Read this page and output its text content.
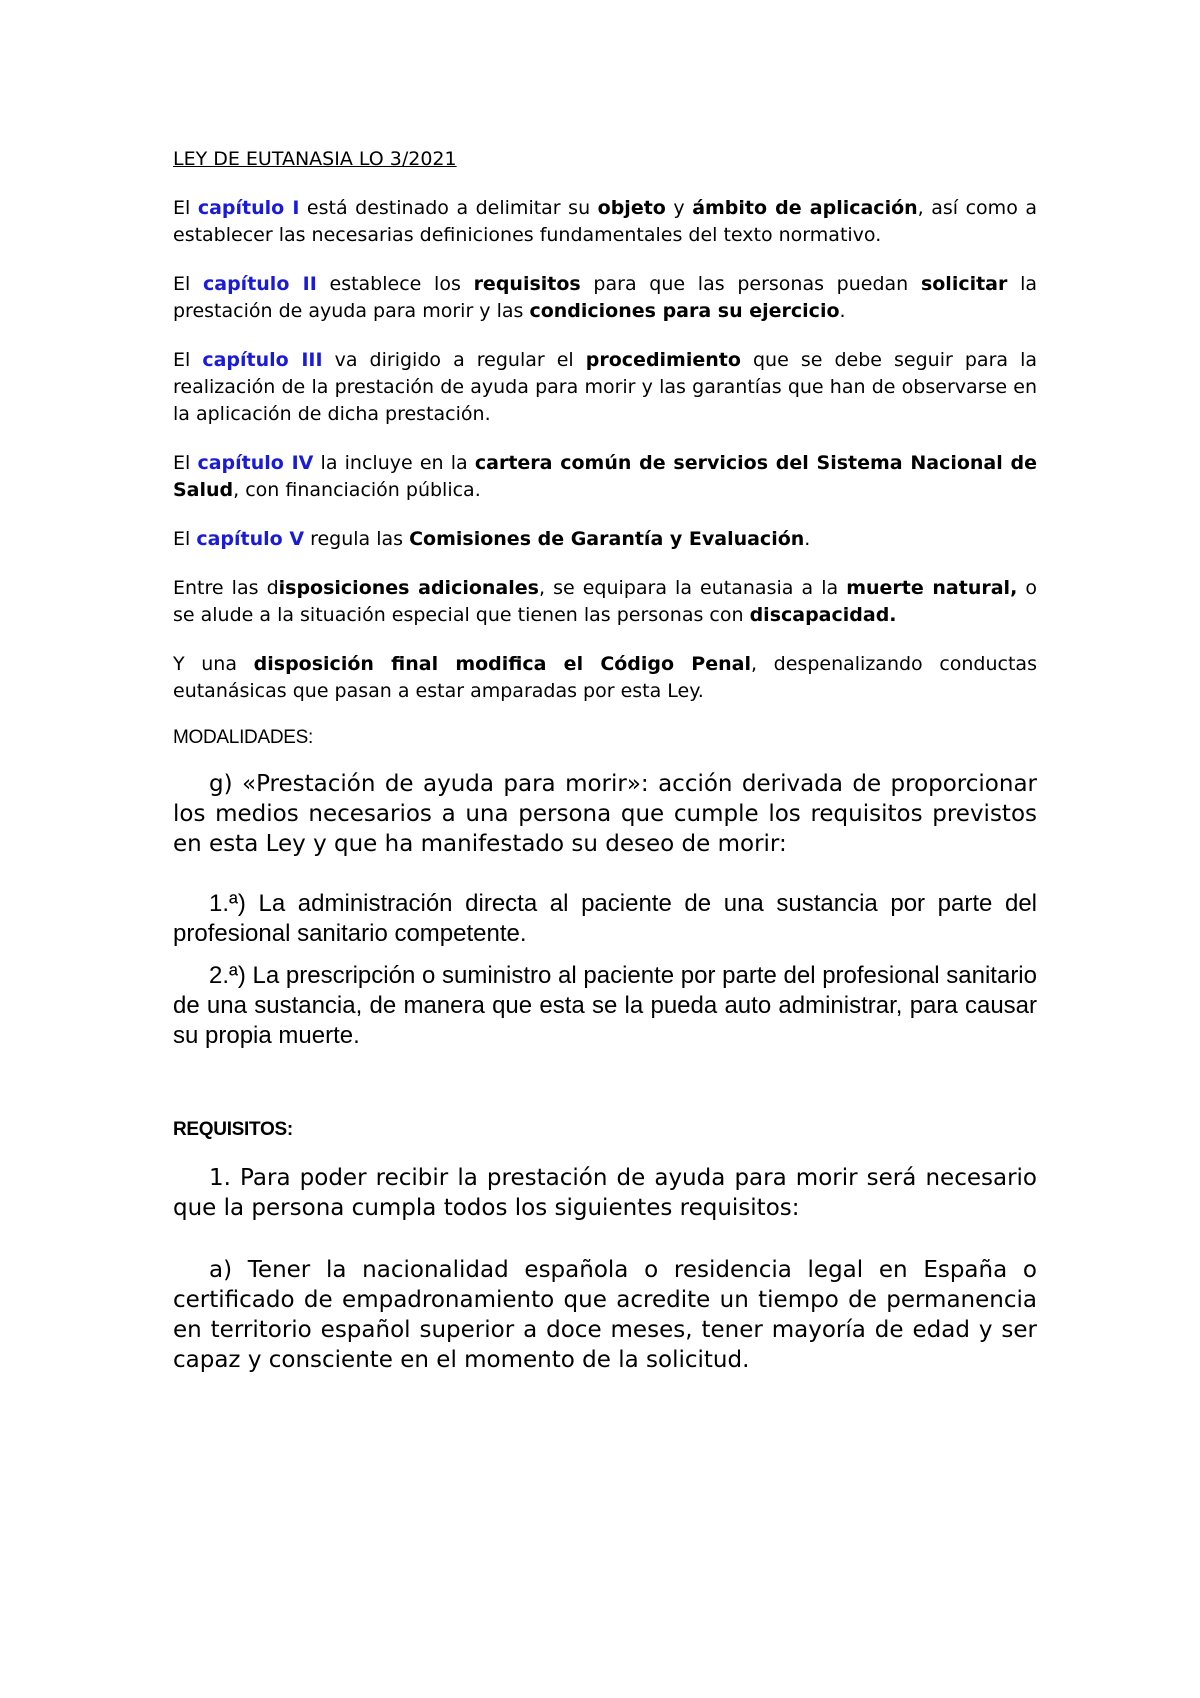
LEY DE EUTANASIA LO 3/2021

El capítulo I está destinado a delimitar su objeto y ámbito de aplicación, así como a establecer las necesarias definiciones fundamentales del texto normativo.

El capítulo II establece los requisitos para que las personas puedan solicitar la prestación de ayuda para morir y las condiciones para su ejercicio.

El capítulo III va dirigido a regular el procedimiento que se debe seguir para la realización de la prestación de ayuda para morir y las garantías que han de observarse en la aplicación de dicha prestación.

El capítulo IV la incluye en la cartera común de servicios del Sistema Nacional de Salud, con financiación pública.

El capítulo V regula las Comisiones de Garantía y Evaluación.

Entre las disposiciones adicionales, se equipara la eutanasia a la muerte natural, o se alude a la situación especial que tienen las personas con discapacidad.

Y una disposición final modifica el Código Penal, despenalizando conductas eutanásicas que pasan a estar amparadas por esta Ley.

MODALIDADES:

g) «Prestación de ayuda para morir»: acción derivada de proporcionar los medios necesarios a una persona que cumple los requisitos previstos en esta Ley y que ha manifestado su deseo de morir:

1.ª) La administración directa al paciente de una sustancia por parte del profesional sanitario competente.

2.ª) La prescripción o suministro al paciente por parte del profesional sanitario de una sustancia, de manera que esta se la pueda auto administrar, para causar su propia muerte.

REQUISITOS:

1. Para poder recibir la prestación de ayuda para morir será necesario que la persona cumpla todos los siguientes requisitos:

a) Tener la nacionalidad española o residencia legal en España o certificado de empadronamiento que acredite un tiempo de permanencia en territorio español superior a doce meses, tener mayoría de edad y ser capaz y consciente en el momento de la solicitud.
